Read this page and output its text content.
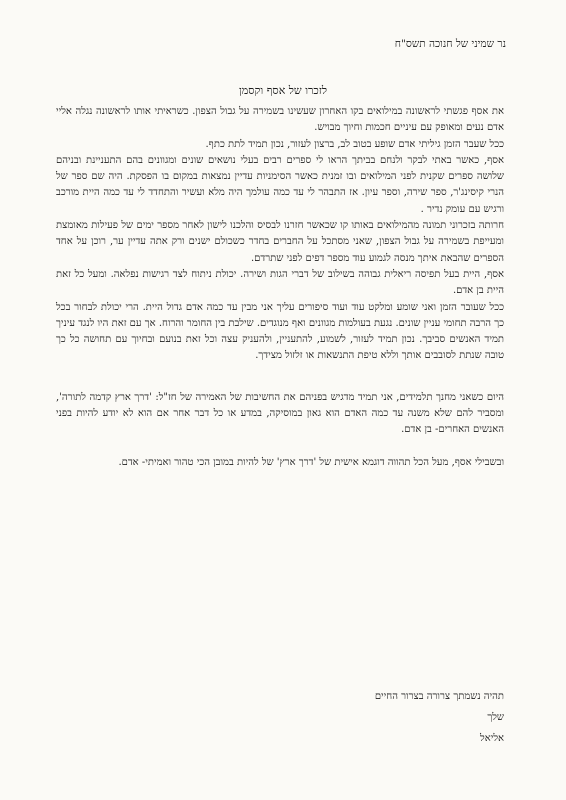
נר שמיני של חנוכה תשס"ח
לזכרו של אסף וקסמן

את אסף פגשתי לראשונה במילואים בקו האחרון שעשינו בשמירה על גבול הצפון. כשראיתי אותו לראשונה נגלה אליי אדם נעים ומאופק עם עיניים חכמות וחיוך מבויש.

ככל שעבר הזמן גיליתי אדם שופע בטוב לב, ברצון לעזור, נכון תמיד לתת כתף.

אסף, כאשר באתי לבקר ולנחם בביתך הראו לי ספרים רבים בעלי נושאים שונים ומגוונים בהם התעניינת ובניהם שלושה ספרים שקנית לפני המילואים ובו זמנית כאשר הסימניות עדיין נמצאות במקום בו הפסקת. היה שם ספר של הנרי קיסינג'ר, ספר שירה, וספר עיון. אז התבהר לי עד כמה עולמך היה מלא ועשיר והתחדד לי עד כמה היית מורכב ורגיש עם עומק נדיר .

חרותה בזכרוני תמונה מהמילואים באותו קו שכאשר חזרנו לבסיס והלכנו לישון לאחר מספר ימים של פעילות מאומצת ומעייפת בשמירה על גבול הצפון, שאני מסתכל על החברים בחדר כשכולם ישנים ורק אתה עדיין ער, רוכן על אחד הספרים שהבאת איתך מנסה לגמוע עוד מספר דפים לפני שתרדם.

אסף, היית בעל תפיסה ריאלית גבוהה בשילוב של דברי הגות ושירה. יכולת ניתוח לצד רגישות נפלאה. ומעל כל זאת היית בן אדם.

ככל שעובר הזמן ואני שומע ומלקט עוד ועוד סיפורים עליך אני מבין עד כמה אדם גדול היית. הרי יכולת לבחור בכל כך הרבה תחומי עניין שונים. נגעת בעולמות מגוונים ואף מנוגדים. שילבת בין החומר והרוח. אך עם זאת היו לנגד עיניך תמיד האנשים סביבך. נכון תמיד לעזור, לשמוע, להתעניין, ולהעניק עצה וכל זאת בנועם ובחיוך עם תחושה כל כך טובה שנתת לסובבים אותך וללא טיפת התנשאות או זלזול מצידך.

היום כשאני מחנך תלמידים, אני תמיד מדגיש בפניהם את החשיבות של האמירה של חז"ל: 'דרך ארץ קדמה לתורה', ומסביר להם שלא משנה עד כמה האדם הוא גאון במוסיקה, במדע או כל דבר אחר אם הוא לא יודע להיות בפני האנשים האחרים- בן אדם.

ובשבילי אסף, מעל הכל תהווה דוגמא אישית של 'דרך ארץ' של להיות במובן הכי טהור ואמיתי- אדם.

תהיה נשמתך צרורה בצרור החיים
שלך
אליאל
